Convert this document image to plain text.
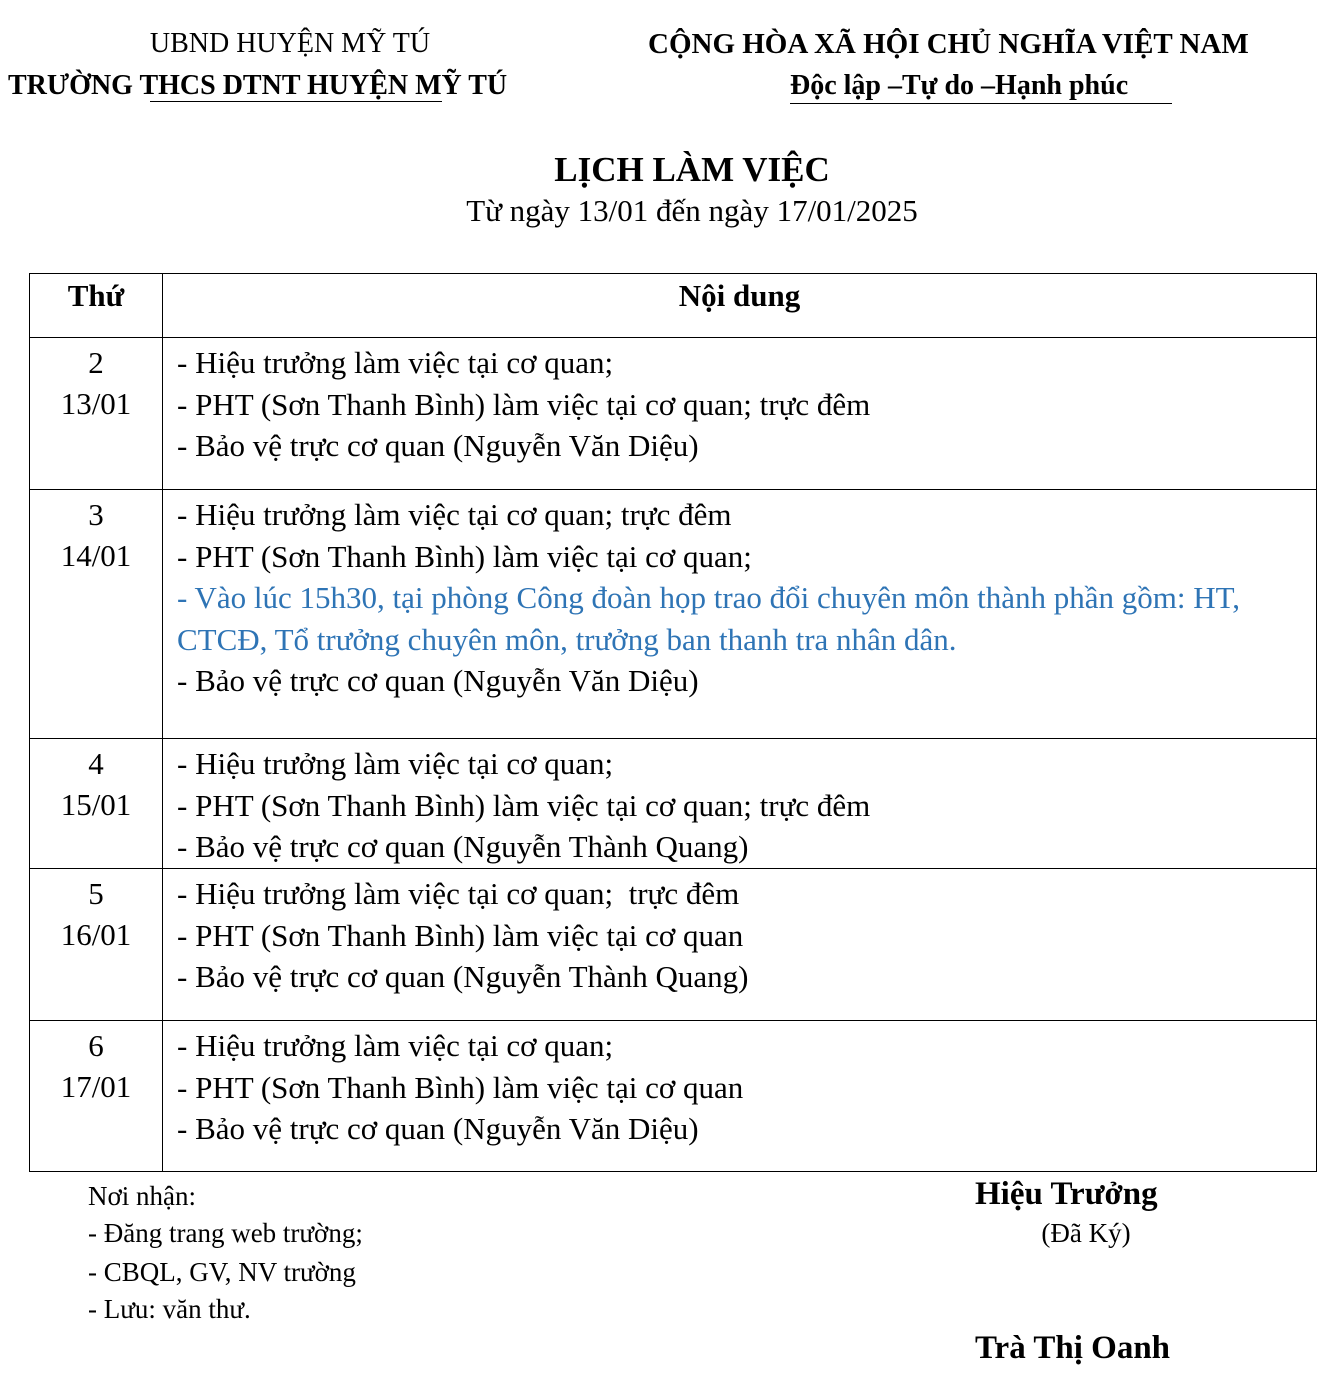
UBND HUYỆN MỸ TÚ
TRƯỜNG THCS DTNT HUYỆN MỸ TÚ
CỘNG HÒA XÃ HỘI CHỦ NGHĨA VIỆT NAM
Độc lập –Tự do –Hạnh phúc
LỊCH LÀM VIỆC
Từ ngày 13/01 đến ngày 17/01/2025
Thứ	Nội dung

2
13/01	- Hiệu trưởng làm việc tại cơ quan;
- PHT (Sơn Thanh Bình) làm việc tại cơ quan; trực đêm
- Bảo vệ trực cơ quan (Nguyễn Văn Diệu)

3
14/01	- Hiệu trưởng làm việc tại cơ quan; trực đêm
- PHT (Sơn Thanh Bình) làm việc tại cơ quan;
- Vào lúc 15h30, tại phòng Công đoàn họp trao đổi chuyên môn thành phần gồm: HT, CTCĐ, Tổ trưởng chuyên môn, trưởng ban thanh tra nhân dân.
- Bảo vệ trực cơ quan (Nguyễn Văn Diệu)

4
15/01	- Hiệu trưởng làm việc tại cơ quan;
- PHT (Sơn Thanh Bình) làm việc tại cơ quan; trực đêm
- Bảo vệ trực cơ quan (Nguyễn Thành Quang)

5
16/01	- Hiệu trưởng làm việc tại cơ quan;  trực đêm
- PHT (Sơn Thanh Bình) làm việc tại cơ quan
- Bảo vệ trực cơ quan (Nguyễn Thành Quang)

6
17/01	- Hiệu trưởng làm việc tại cơ quan;
- PHT (Sơn Thanh Bình) làm việc tại cơ quan
- Bảo vệ trực cơ quan (Nguyễn Văn Diệu)
Nơi nhận:
- Đăng trang web trường;
- CBQL, GV, NV trường
- Lưu: văn thư.
Hiệu Trưởng
(Đã Ký)
Trà Thị Oanh
